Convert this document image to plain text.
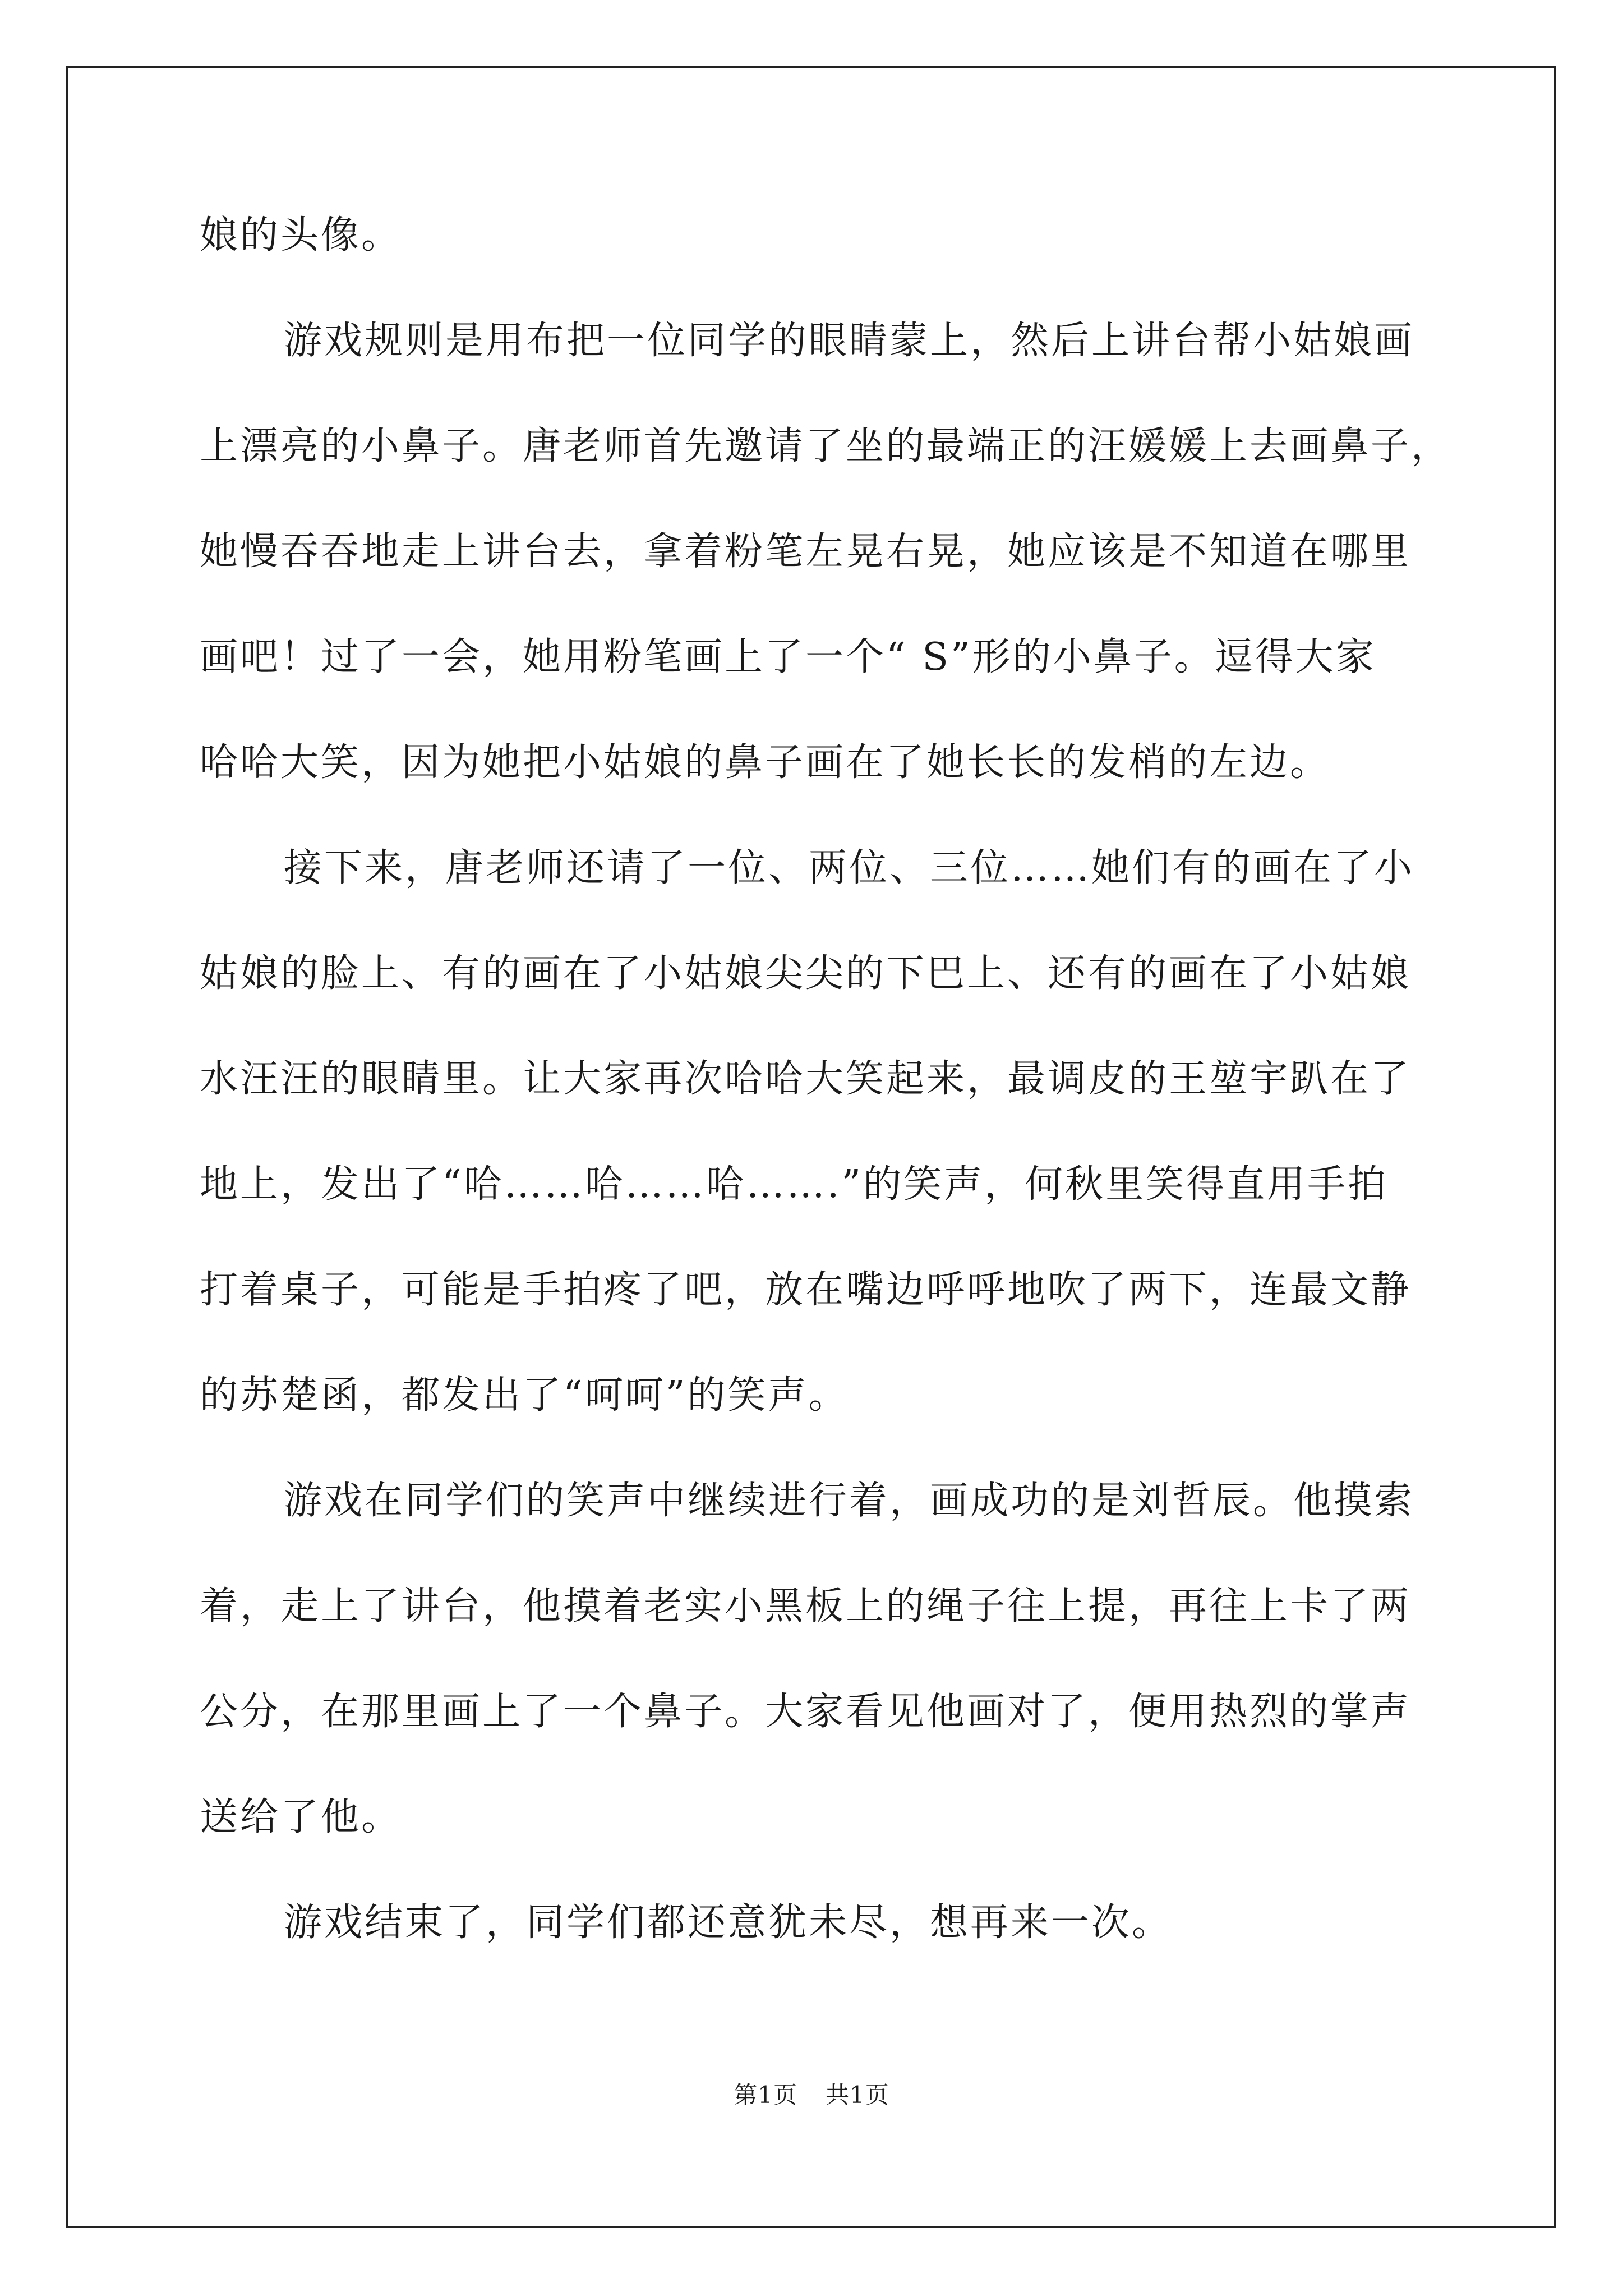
娘的头像。
游戏规则是用布把一位同学的眼睛蒙上，然后上讲台帮小姑娘画
上漂亮的小鼻子。唐老师首先邀请了坐的最端正的汪媛媛上去画鼻子，
她慢吞吞地走上讲台去，拿着粉笔左晃右晃，她应该是不知道在哪里
画吧！过了一会，她用粉笔画上了一个“ S”形的小鼻子。逗得大家
哈哈大笑，因为她把小姑娘的鼻子画在了她长长的发梢的左边。
接下来，唐老师还请了一位、两位、三位……她们有的画在了小
姑娘的脸上、有的画在了小姑娘尖尖的下巴上、还有的画在了小姑娘
水汪汪的眼睛里。让大家再次哈哈大笑起来，最调皮的王堃宇趴在了
地上，发出了“哈……哈……哈…….”的笑声，何秋里笑得直用手拍
打着桌子，可能是手拍疼了吧，放在嘴边呼呼地吹了两下，连最文静
的苏楚函，都发出了“呵呵”的笑声。
游戏在同学们的笑声中继续进行着，画成功的是刘哲辰。他摸索
着，走上了讲台，他摸着老实小黑板上的绳子往上提，再往上卡了两
公分，在那里画上了一个鼻子。大家看见他画对了，便用热烈的掌声
送给了他。
游戏结束了，同学们都还意犹未尽，想再来一次。
第1页 共1页
